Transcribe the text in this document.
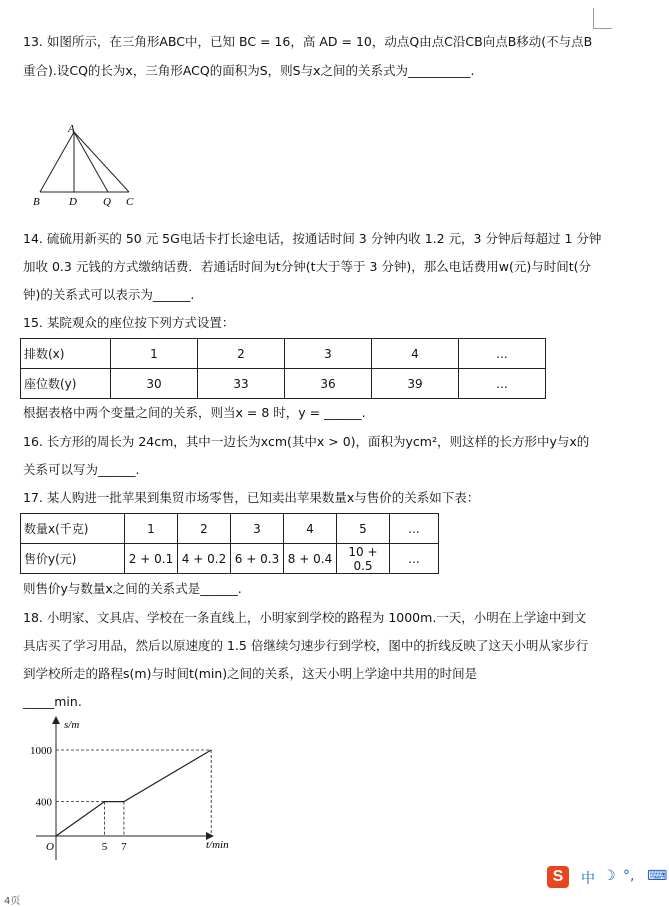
13. 如图所示，在三角形ABC中，已知 BC = 16，高 AD = 10，动点Q由点C沿CB向点B移动(不与点B
重合).设CQ的长为x，三角形ACQ的面积为S，则S与x之间的关系式为__________.
A
B	D Q C
14. 硫硫用新买的 50 元 5G电话卡打长途电话，按通话时间 3 分钟内收 1.2 元，3 分钟后每超过 1 分钟
加收 0.3 元钱的方式缴纳话费．若通话时间为t分钟(t大于等于 3 分钟)，那么电话费用w(元)与时间t(分
钟)的关系式可以表示为______.
15. 某院观众的座位按下列方式设置：
排数(x)	1	2	3	4	...
座位数(y)	30	33	36	39	...
根据表格中两个变量之间的关系，则当x = 8 时，y = ______.
16. 长方形的周长为 24cm，其中一边长为xcm(其中x > 0)，面积为ycm²，则这样的长方形中y与x的
关系可以写为______.
17. 某人购进一批苹果到集贸市场零售，已知卖出苹果数量x与售价的关系如下表：
数量x(千克)	1	2	3	4	5	...
售价y(元)	2 + 0.1	4 + 0.2	6 + 0.3	8 + 0.4	10 + 0.5	...
则售价y与数量x之间的关系式是______.
18. 小明家、文具店、学校在一条直线上，小明家到学校的路程为 1000m.一天，小明在上学途中到文
具店买了学习用品，然后以原速度的 1.5 倍继续匀速步行到学校，图中的折线反映了这天小明从家步行
到学校所走的路程s(m)与时间t(min)之间的关系，这天小明上学途中共用的时间是
_____min.
1000
400
5 7
s/m
t/min
O
S	中 ☽ °, ⌨
4页
